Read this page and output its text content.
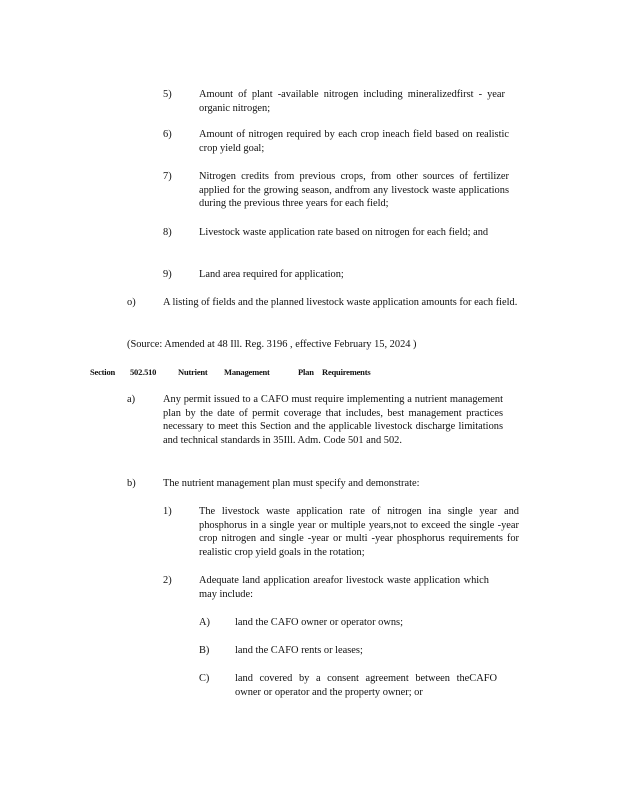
5)	Amount of plant -available nitrogen including mineralizedfirst - year organic nitrogen;
6)	Amount of nitrogen required by each crop ineach field based on realistic crop yield goal;
7)	Nitrogen credits from previous crops, from other sources of fertilizer applied for the growing season, andfrom any livestock waste applications during the previous three years for each field;
8)	Livestock waste application rate based on nitrogen for each field; and
9)	Land area required for application;
o)	A listing of fields and the planned livestock waste application amounts for each field.
(Source: Amended at 48 Ill. Reg. 3196 , effective February 15, 2024 )
Section 502.510	Nutrient Management	Plan Requirements
a)	Any permit issued to a CAFO must require implementing a nutrient management plan by the date of permit coverage that includes, best management practices necessary to meet this Section and the applicable livestock discharge limitations and technical standards in 35Ill. Adm. Code 501 and 502.
b)	The nutrient management plan must specify and demonstrate:
1)	The livestock waste application rate of nitrogen ina single year and phosphorus in a single year or multiple years,not to exceed the single -year crop nitrogen and single -year or multi -year phosphorus requirements for realistic crop yield goals in the rotation;
2)	Adequate land application areafor livestock waste application which may include:
A) land the CAFO owner or operator owns;
B) land the CAFO rents or leases;
C) land covered by a consent agreement between theCAFO owner or operator and the property owner; or
